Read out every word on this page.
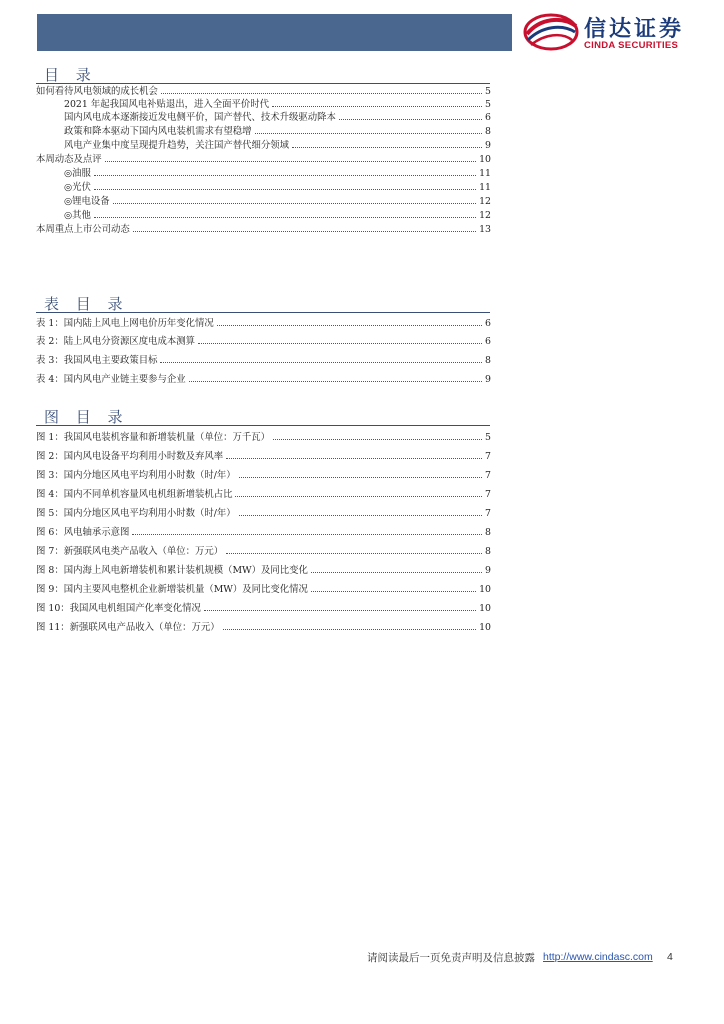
信达证券
CINDA SECURITIES
目 录
如何看待风电领域的成长机会	5
2021 年起我国风电补贴退出，进入全面平价时代	5
国内风电成本逐渐接近发电侧平价，国产替代、技术升级驱动降本	6
政策和降本驱动下国内风电装机需求有望稳增	8
风电产业集中度呈现提升趋势，关注国产替代细分领域	9
本周动态及点评	10
◎油服	11
◎光伏	11
◎锂电设备	12
◎其他	12
本周重点上市公司动态	13
表 目 录
表 1：国内陆上风电上网电价历年变化情况	6
表 2：陆上风电分资源区度电成本测算	6
表 3：我国风电主要政策目标	8
表 4：国内风电产业链主要参与企业	9
图 目 录
图 1：我国风电装机容量和新增装机量（单位：万千瓦）	5
图 2：国内风电设备平均利用小时数及弃风率	7
图 3：国内分地区风电平均利用小时数（时/年）	7
图 4：国内不同单机容量风电机组新增装机占比	7
图 5：国内分地区风电平均利用小时数（时/年）	7
图 6：风电轴承示意图	8
图 7：新强联风电类产品收入（单位：万元）	8
图 8：国内海上风电新增装机和累计装机规模（MW）及同比变化	9
图 9：国内主要风电整机企业新增装机量（MW）及同比变化情况	10
图 10：我国风电机组国产化率变化情况	10
图 11：新强联风电产品收入（单位：万元）	10
请阅读最后一页免责声明及信息披露 http://www.cindasc.com 4
